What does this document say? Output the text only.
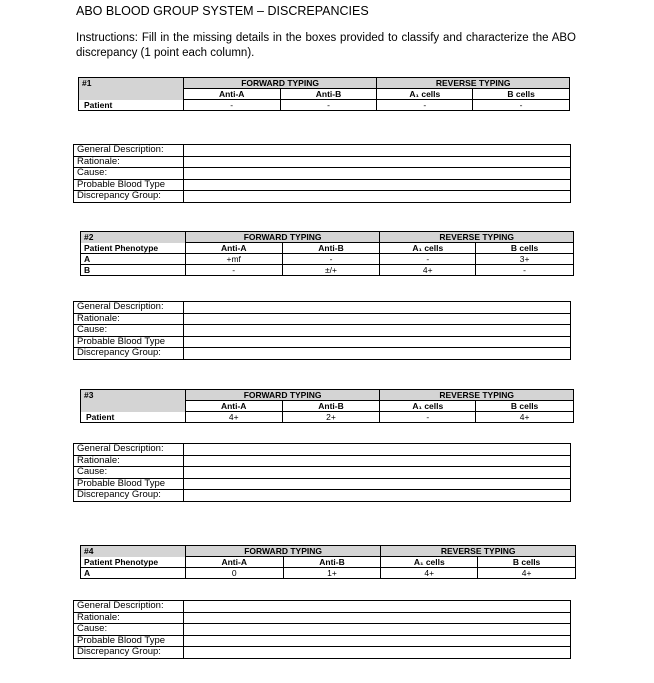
ABO BLOOD GROUP SYSTEM – DISCREPANCIES
Instructions: Fill in the missing details in the boxes provided to classify and characterize the ABO discrepancy (1 point each column).
#1	FORWARD TYPING		REVERSE TYPING	
	Anti-A	Anti-B	A₁ cells	B cells
Patient	-	-	-	-
General Description:	
Rationale:	
Cause:	
Probable Blood Type	
Discrepancy Group:	
#2	FORWARD TYPING		REVERSE TYPING	
Patient Phenotype	Anti-A	Anti-B	A₁ cells	B cells
A	+mf	-	-	3+
B	-	±/+	4+	-
General Description:	
Rationale:	
Cause:	
Probable Blood Type	
Discrepancy Group:	
#3	FORWARD TYPING		REVERSE TYPING	
	Anti-A	Anti-B	A₁ cells	B cells
Patient	4+	2+	-	4+
General Description:	
Rationale:	
Cause:	
Probable Blood Type	
Discrepancy Group:	
#4	FORWARD TYPING		REVERSE TYPING	
Patient Phenotype	Anti-A	Anti-B	A₁ cells	B cells
A	0	1+	4+	4+
General Description:	
Rationale:	
Cause:	
Probable Blood Type	
Discrepancy Group:	
